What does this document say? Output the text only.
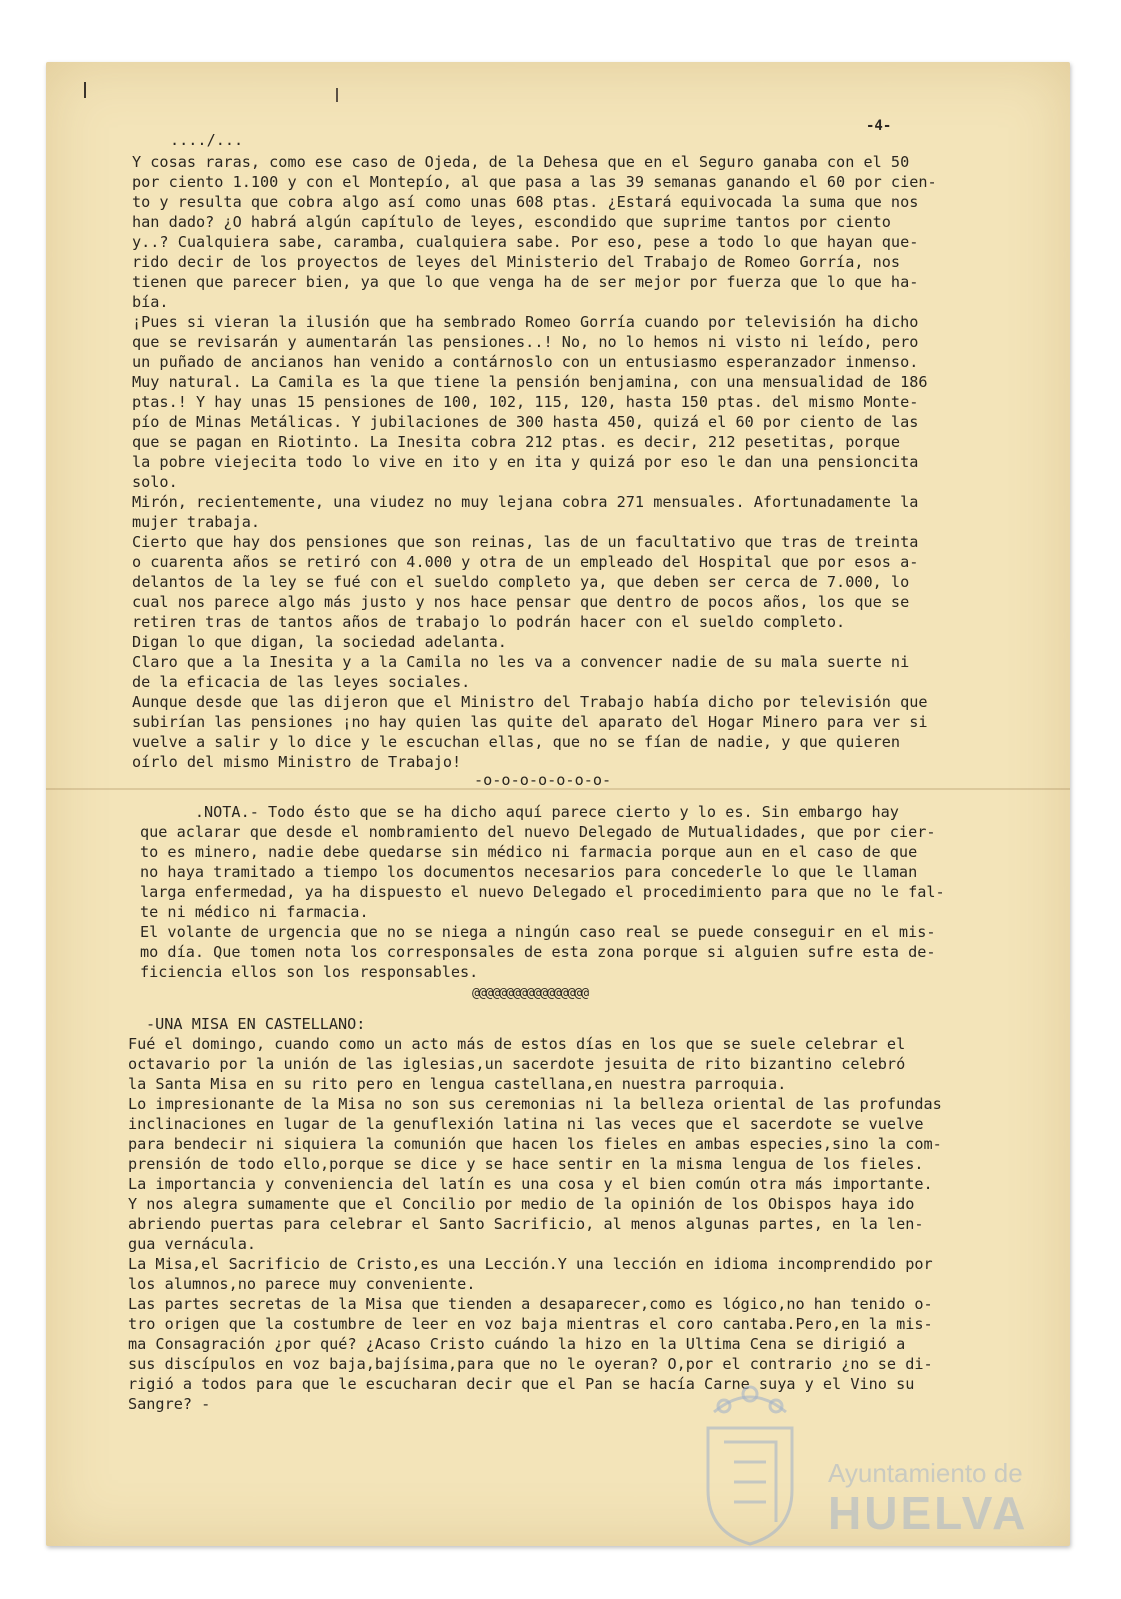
-4-
..../...
Y cosas raras, como ese caso de Ojeda, de la Dehesa que en el Seguro ganaba con el 50
por ciento 1.100 y con el Montepío, al que pasa a las 39 semanas ganando el 60 por cien-
to y resulta que cobra algo así como unas 608 ptas. ¿Estará equivocada la suma que nos
han dado? ¿O habrá algún capítulo de leyes, escondido que suprime tantos por ciento
y..? Cualquiera sabe, caramba, cualquiera sabe. Por eso, pese a todo lo que hayan que-
rido decir de los proyectos de leyes del Ministerio del Trabajo de Romeo Gorría, nos
tienen que parecer bien, ya que lo que venga ha de ser mejor por fuerza que lo que ha-
bía.
¡Pues si vieran la ilusión que ha sembrado Romeo Gorría cuando por televisión ha dicho
que se revisarán y aumentarán las pensiones..! No, no lo hemos ni visto ni leído, pero
un puñado de ancianos han venido a contárnoslo con un entusiasmo esperanzador inmenso.
Muy natural. La Camila es la que tiene la pensión benjamina, con una mensualidad de 186
ptas.! Y hay unas 15 pensiones de 100, 102, 115, 120, hasta 150 ptas. del mismo Monte-
pío de Minas Metálicas. Y jubilaciones de 300 hasta 450, quizá el 60 por ciento de las
que se pagan en Riotinto. La Inesita cobra 212 ptas. es decir, 212 pesetitas, porque
la pobre viejecita todo lo vive en ito y en ita y quizá por eso le dan una pensioncita
solo.
Mirón, recientemente, una viudez no muy lejana cobra 271 mensuales. Afortunadamente la
mujer trabaja.
Cierto que hay dos pensiones que son reinas, las de un facultativo que tras de treinta
o cuarenta años se retiró con 4.000 y otra de un empleado del Hospital que por esos a-
delantos de la ley se fué con el sueldo completo ya, que deben ser cerca de 7.000, lo
cual nos parece algo más justo y nos hace pensar que dentro de pocos años, los que se
retiren tras de tantos años de trabajo lo podrán hacer con el sueldo completo.
Digan lo que digan, la sociedad adelanta.
Claro que a la Inesita y a la Camila no les va a convencer nadie de su mala suerte ni
de la eficacia de las leyes sociales.
Aunque desde que las dijeron que el Ministro del Trabajo había dicho por televisión que
subirían las pensiones ¡no hay quien las quite del aparato del Hogar Minero para ver si
vuelve a salir y lo dice y le escuchan ellas, que no se fían de nadie, y que quieren
oírlo del mismo Ministro de Trabajo!
-o-o-o-o-o-o-o-
.NOTA.- Todo ésto que se ha dicho aquí parece cierto y lo es. Sin embargo hay
que aclarar que desde el nombramiento del nuevo Delegado de Mutualidades, que por cier-
to es minero, nadie debe quedarse sin médico ni farmacia porque aun en el caso de que
no haya tramitado a tiempo los documentos necesarios para concederle lo que le llaman
larga enfermedad, ya ha dispuesto el nuevo Delegado el procedimiento para que no le fal-
te ni médico ni farmacia.
El volante de urgencia que no se niega a ningún caso real se puede conseguir en el mis-
mo día. Que tomen nota los corresponsales de esta zona porque si alguien sufre esta de-
ficiencia ellos son los responsables.
@@@@@@@@@@@@@@@@@
-UNA MISA EN CASTELLANO:
Fué el domingo, cuando como un acto más de estos días en los que se suele celebrar el
octavario por la unión de las iglesias,un sacerdote jesuita de rito bizantino celebró
la Santa Misa en su rito pero en lengua castellana,en nuestra parroquia.
Lo impresionante de la Misa no son sus ceremonias ni la belleza oriental de las profundas
inclinaciones en lugar de la genuflexión latina ni las veces que el sacerdote se vuelve
para bendecir ni siquiera la comunión que hacen los fieles en ambas especies,sino la com-
prensión de todo ello,porque se dice y se hace sentir en la misma lengua de los fieles.
La importancia y conveniencia del latín es una cosa y el bien común otra más importante.
Y nos alegra sumamente que el Concilio por medio de la opinión de los Obispos haya ido
abriendo puertas para celebrar el Santo Sacrificio, al menos algunas partes, en la len-
gua vernácula.
La Misa,el Sacrificio de Cristo,es una Lección.Y una lección en idioma incomprendido por
los alumnos,no parece muy conveniente.
Las partes secretas de la Misa que tienden a desaparecer,como es lógico,no han tenido o-
tro origen que la costumbre de leer en voz baja mientras el coro cantaba.Pero,en la mis-
ma Consagración ¿por qué? ¿Acaso Cristo cuándo la hizo en la Ultima Cena se dirigió a
sus discípulos en voz baja,bajísima,para que no le oyeran? O,por el contrario ¿no se di-
rigió a todos para que le escucharan decir que el Pan se hacía Carne suya y el Vino su
Sangre? -
Ayuntamiento de
HUELVA
